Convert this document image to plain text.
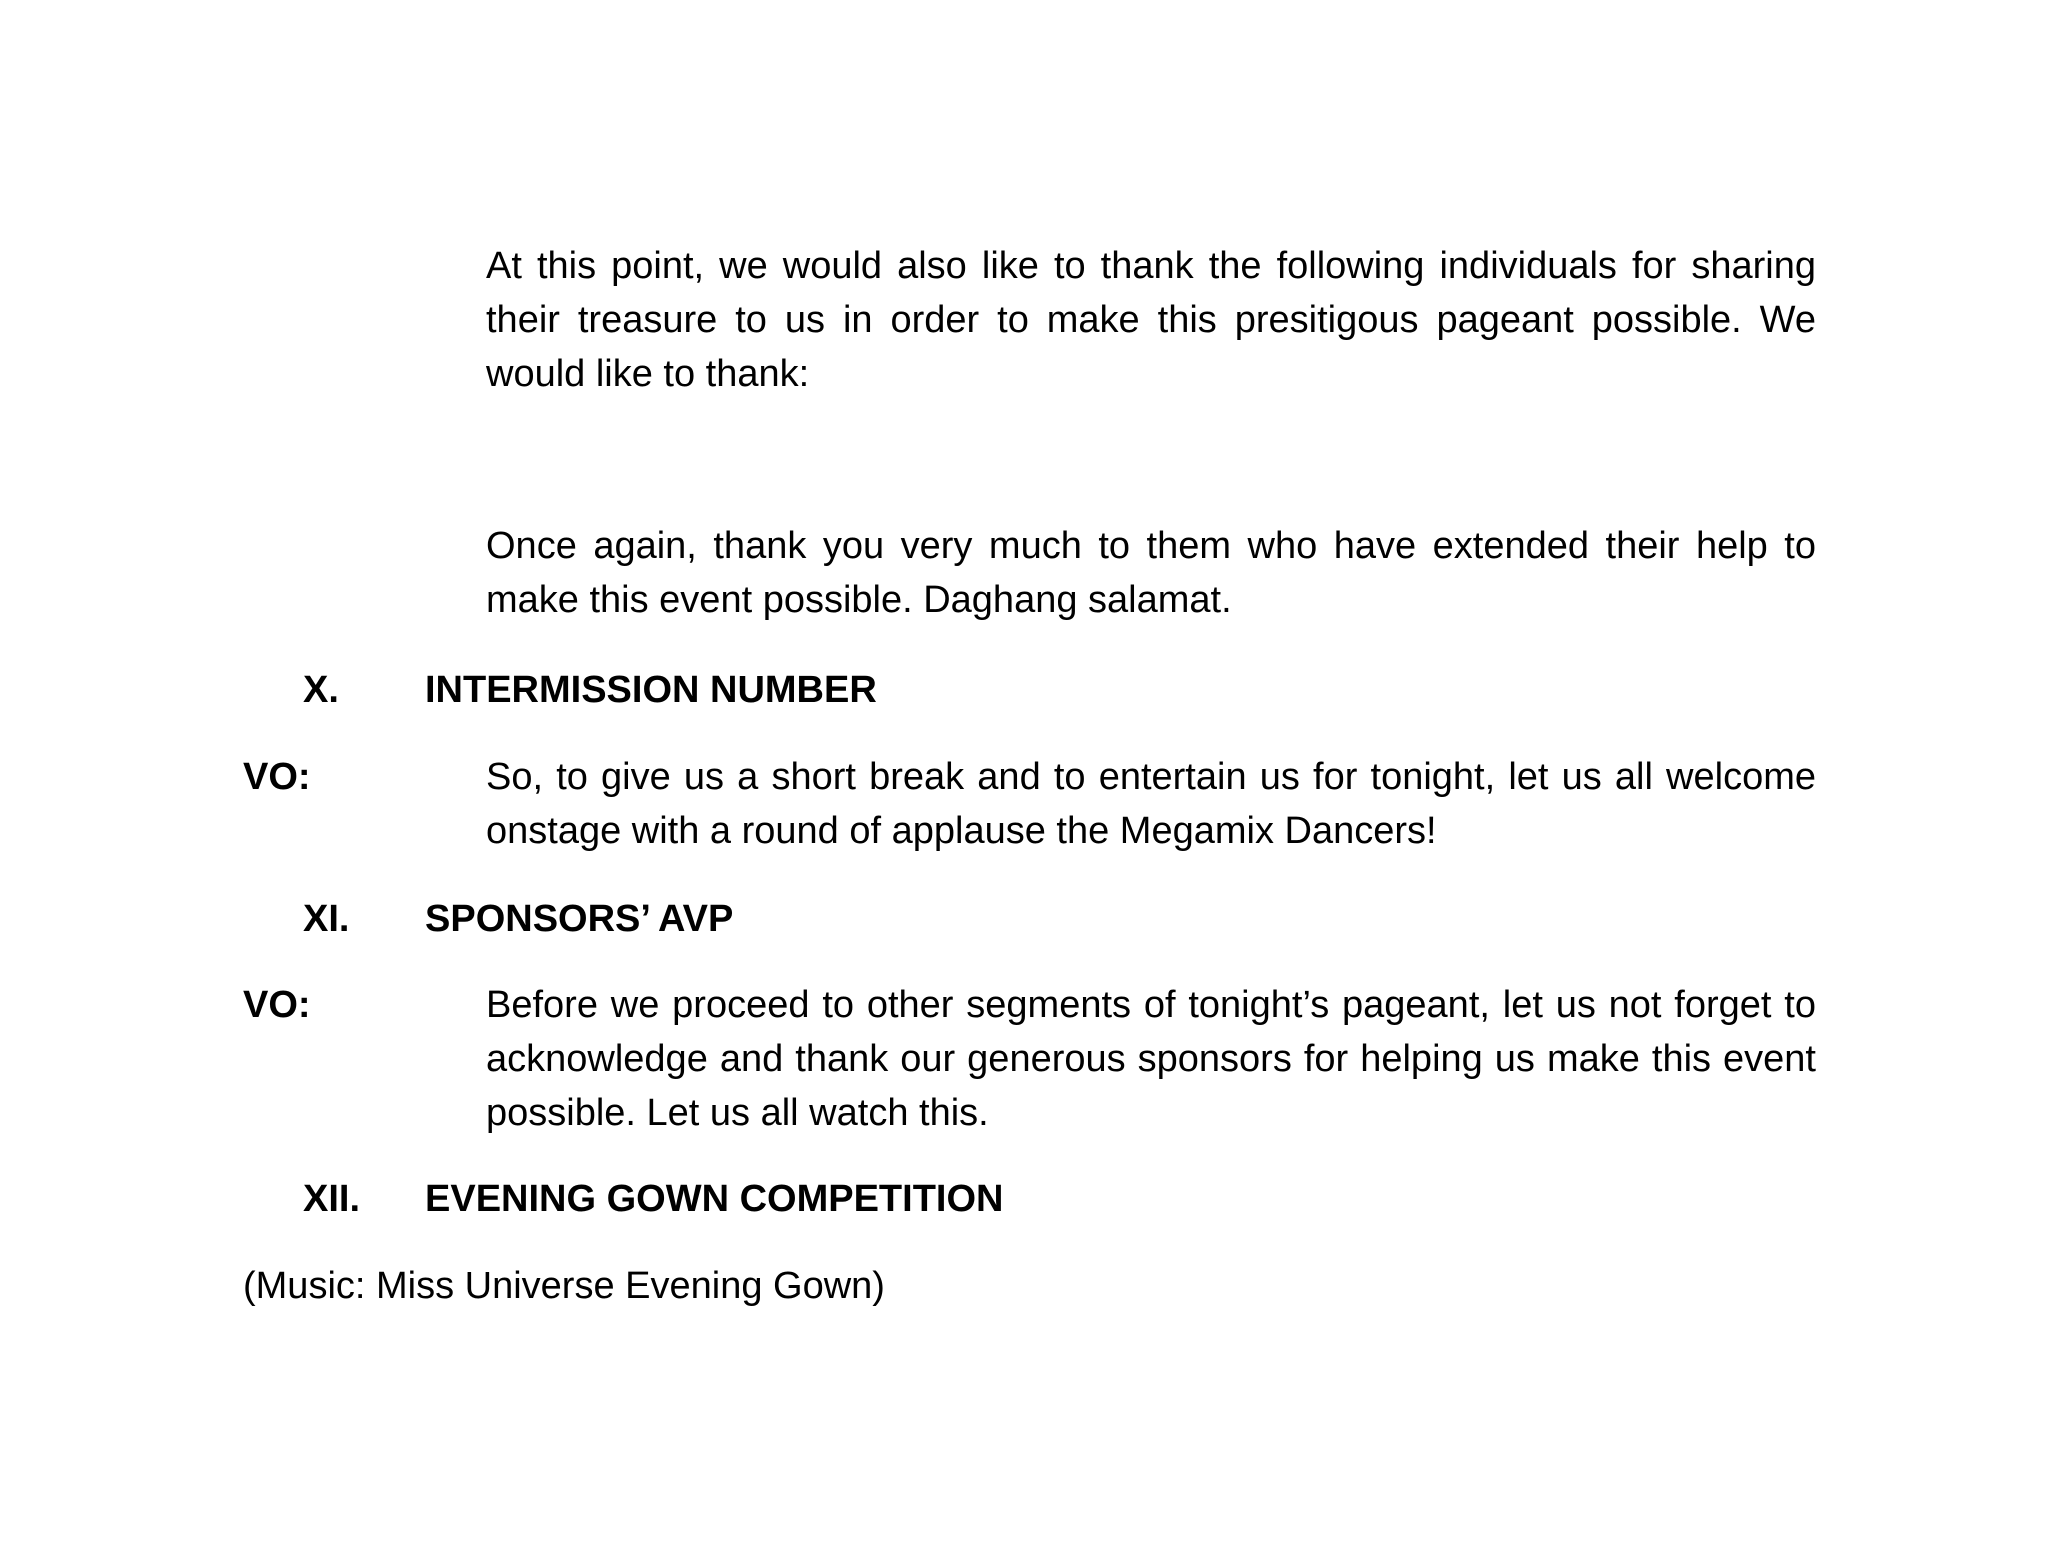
At this point, we would also like to thank the following individuals for sharing their treasure to us in order to make this presitigous pageant possible. We would like to thank:

Once again, thank you very much to them who have extended their help to make this event possible. Daghang salamat.

X. INTERMISSION NUMBER

VO:	So, to give us a short break and to entertain us for tonight, let us all welcome onstage with a round of applause the Megamix Dancers!

XI. SPONSORS’ AVP

VO:	Before we proceed to other segments of tonight’s pageant, let us not forget to acknowledge and thank our generous sponsors for helping us make this event possible. Let us all watch this.

XII. EVENING GOWN COMPETITION

(Music: Miss Universe Evening Gown)
